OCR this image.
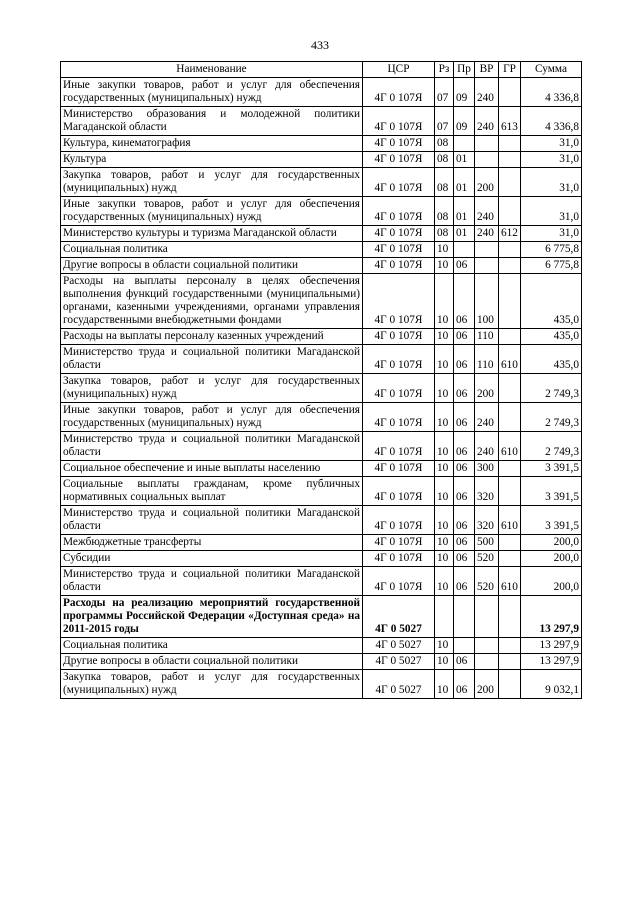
433
Наименование	ЦСР	Рз	Пр	ВР	ГР	Сумма
Иные закупки товаров, работ и услуг для обеспечения государственных (муниципальных) нужд	4Г 0 107Я	07	09	240		4 336,8
Министерство образования и молодежной политики Магаданской области	4Г 0 107Я	07	09	240	613	4 336,8
Культура, кинематография	4Г 0 107Я	08				31,0
Культура	4Г 0 107Я	08	01			31,0
Закупка товаров, работ и услуг для государственных (муниципальных) нужд	4Г 0 107Я	08	01	200		31,0
Иные закупки товаров, работ и услуг для обеспечения государственных (муниципальных) нужд	4Г 0 107Я	08	01	240		31,0
Министерство культуры и туризма Магаданской области	4Г 0 107Я	08	01	240	612	31,0
Социальная политика	4Г 0 107Я	10				6 775,8
Другие вопросы в области социальной политики	4Г 0 107Я	10	06			6 775,8
Расходы на выплаты персоналу в целях обеспечения выполнения функций государственными (муниципальными) органами, казенными учреждениями, органами управления государственными внебюджетными фондами	4Г 0 107Я	10	06	100		435,0
Расходы на выплаты персоналу казенных учреждений	4Г 0 107Я	10	06	110		435,0
Министерство труда и социальной политики Магаданской области	4Г 0 107Я	10	06	110	610	435,0
Закупка товаров, работ и услуг для государственных (муниципальных) нужд	4Г 0 107Я	10	06	200		2 749,3
Иные закупки товаров, работ и услуг для обеспечения государственных (муниципальных) нужд	4Г 0 107Я	10	06	240		2 749,3
Министерство труда и социальной политики Магаданской области	4Г 0 107Я	10	06	240	610	2 749,3
Социальное обеспечение и иные выплаты населению	4Г 0 107Я	10	06	300		3 391,5
Социальные выплаты гражданам, кроме публичных нормативных социальных выплат	4Г 0 107Я	10	06	320		3 391,5
Министерство труда и социальной политики Магаданской области	4Г 0 107Я	10	06	320	610	3 391,5
Межбюджетные трансферты	4Г 0 107Я	10	06	500		200,0
Субсидии	4Г 0 107Я	10	06	520		200,0
Министерство труда и социальной политики Магаданской области	4Г 0 107Я	10	06	520	610	200,0
Расходы на реализацию мероприятий государственной программы Российской Федерации «Доступная среда» на 2011-2015 годы	4Г 0 5027					13 297,9
Социальная политика	4Г 0 5027	10				13 297,9
Другие вопросы в области социальной политики	4Г 0 5027	10	06			13 297,9
Закупка товаров, работ и услуг для государственных (муниципальных) нужд	4Г 0 5027	10	06	200		9 032,1
